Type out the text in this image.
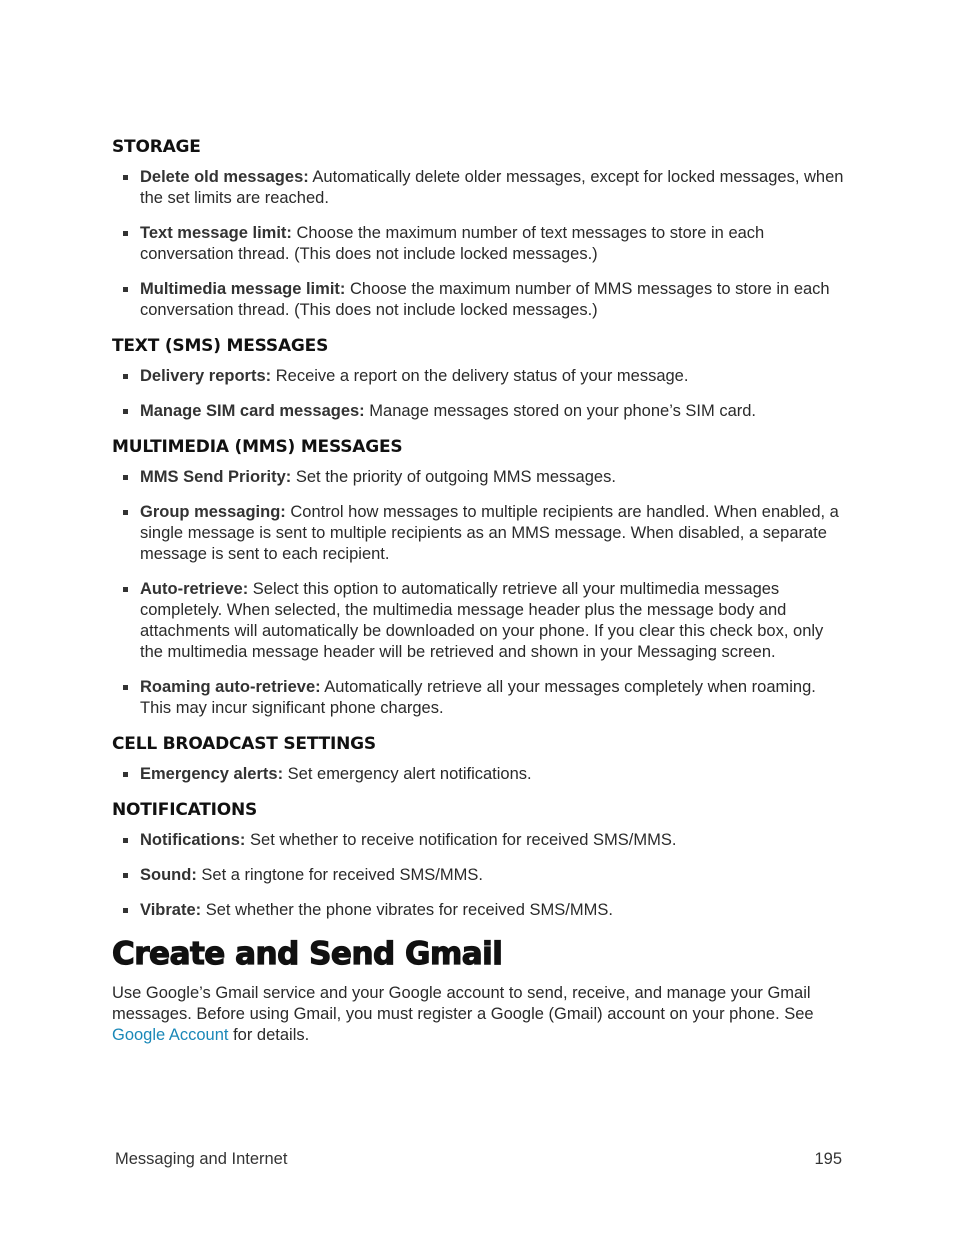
STORAGE
Delete old messages: Automatically delete older messages, except for locked messages, when the set limits are reached.
Text message limit: Choose the maximum number of text messages to store in each conversation thread. (This does not include locked messages.)
Multimedia message limit: Choose the maximum number of MMS messages to store in each conversation thread. (This does not include locked messages.)
TEXT (SMS) MESSAGES
Delivery reports: Receive a report on the delivery status of your message.
Manage SIM card messages: Manage messages stored on your phone’s SIM card.
MULTIMEDIA (MMS) MESSAGES
MMS Send Priority: Set the priority of outgoing MMS messages.
Group messaging: Control how messages to multiple recipients are handled. When enabled, a single message is sent to multiple recipients as an MMS message. When disabled, a separate message is sent to each recipient.
Auto-retrieve: Select this option to automatically retrieve all your multimedia messages completely. When selected, the multimedia message header plus the message body and attachments will automatically be downloaded on your phone. If you clear this check box, only the multimedia message header will be retrieved and shown in your Messaging screen.
Roaming auto-retrieve: Automatically retrieve all your messages completely when roaming. This may incur significant phone charges.
CELL BROADCAST SETTINGS
Emergency alerts: Set emergency alert notifications.
NOTIFICATIONS
Notifications: Set whether to receive notification for received SMS/MMS.
Sound: Set a ringtone for received SMS/MMS.
Vibrate: Set whether the phone vibrates for received SMS/MMS.
Create and Send Gmail

Use Google’s Gmail service and your Google account to send, receive, and manage your Gmail messages. Before using Gmail, you must register a Google (Gmail) account on your phone. See Google Account for details.

Messaging and Internet	195
